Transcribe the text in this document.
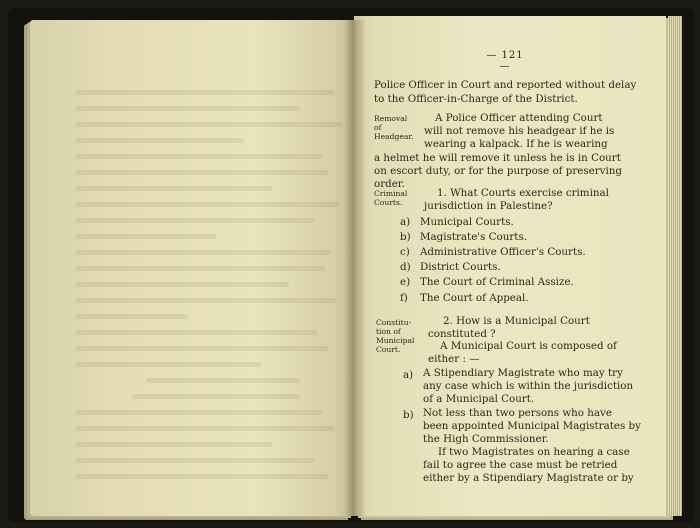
— 121 —
Police Officer in Court and reported without delay
to the Officer-in-Charge of the District.
Removal
of
Headgear.
A Police Officer attending Court
will not remove his headgear if he is
wearing a kalpack. If he is wearing
a helmet he will remove it unless he is in Court
on escort duty, or for the purpose of preserving
order.
Criminal
Courts.
1. What Courts exercise criminal
jurisdiction in Palestine?
a) Municipal Courts.
b) Magistrate's Courts.
c) Administrative Officer's Courts.
d) District Courts.
e) The Court of Criminal Assize.
f) The Court of Appeal.
Constitu-
tion of
Municipal
Court.
2. How is a Municipal Court
constituted ?
A Municipal Court is composed of
either : —
a) A Stipendiary Magistrate who may try
any case which is within the jurisdiction
of a Municipal Court.
b) Not less than two persons who have
been appointed Municipal Magistrates by
the High Commissioner.
If two Magistrates on hearing a case
fail to agree the case must be retried
either by a Stipendiary Magistrate or by
